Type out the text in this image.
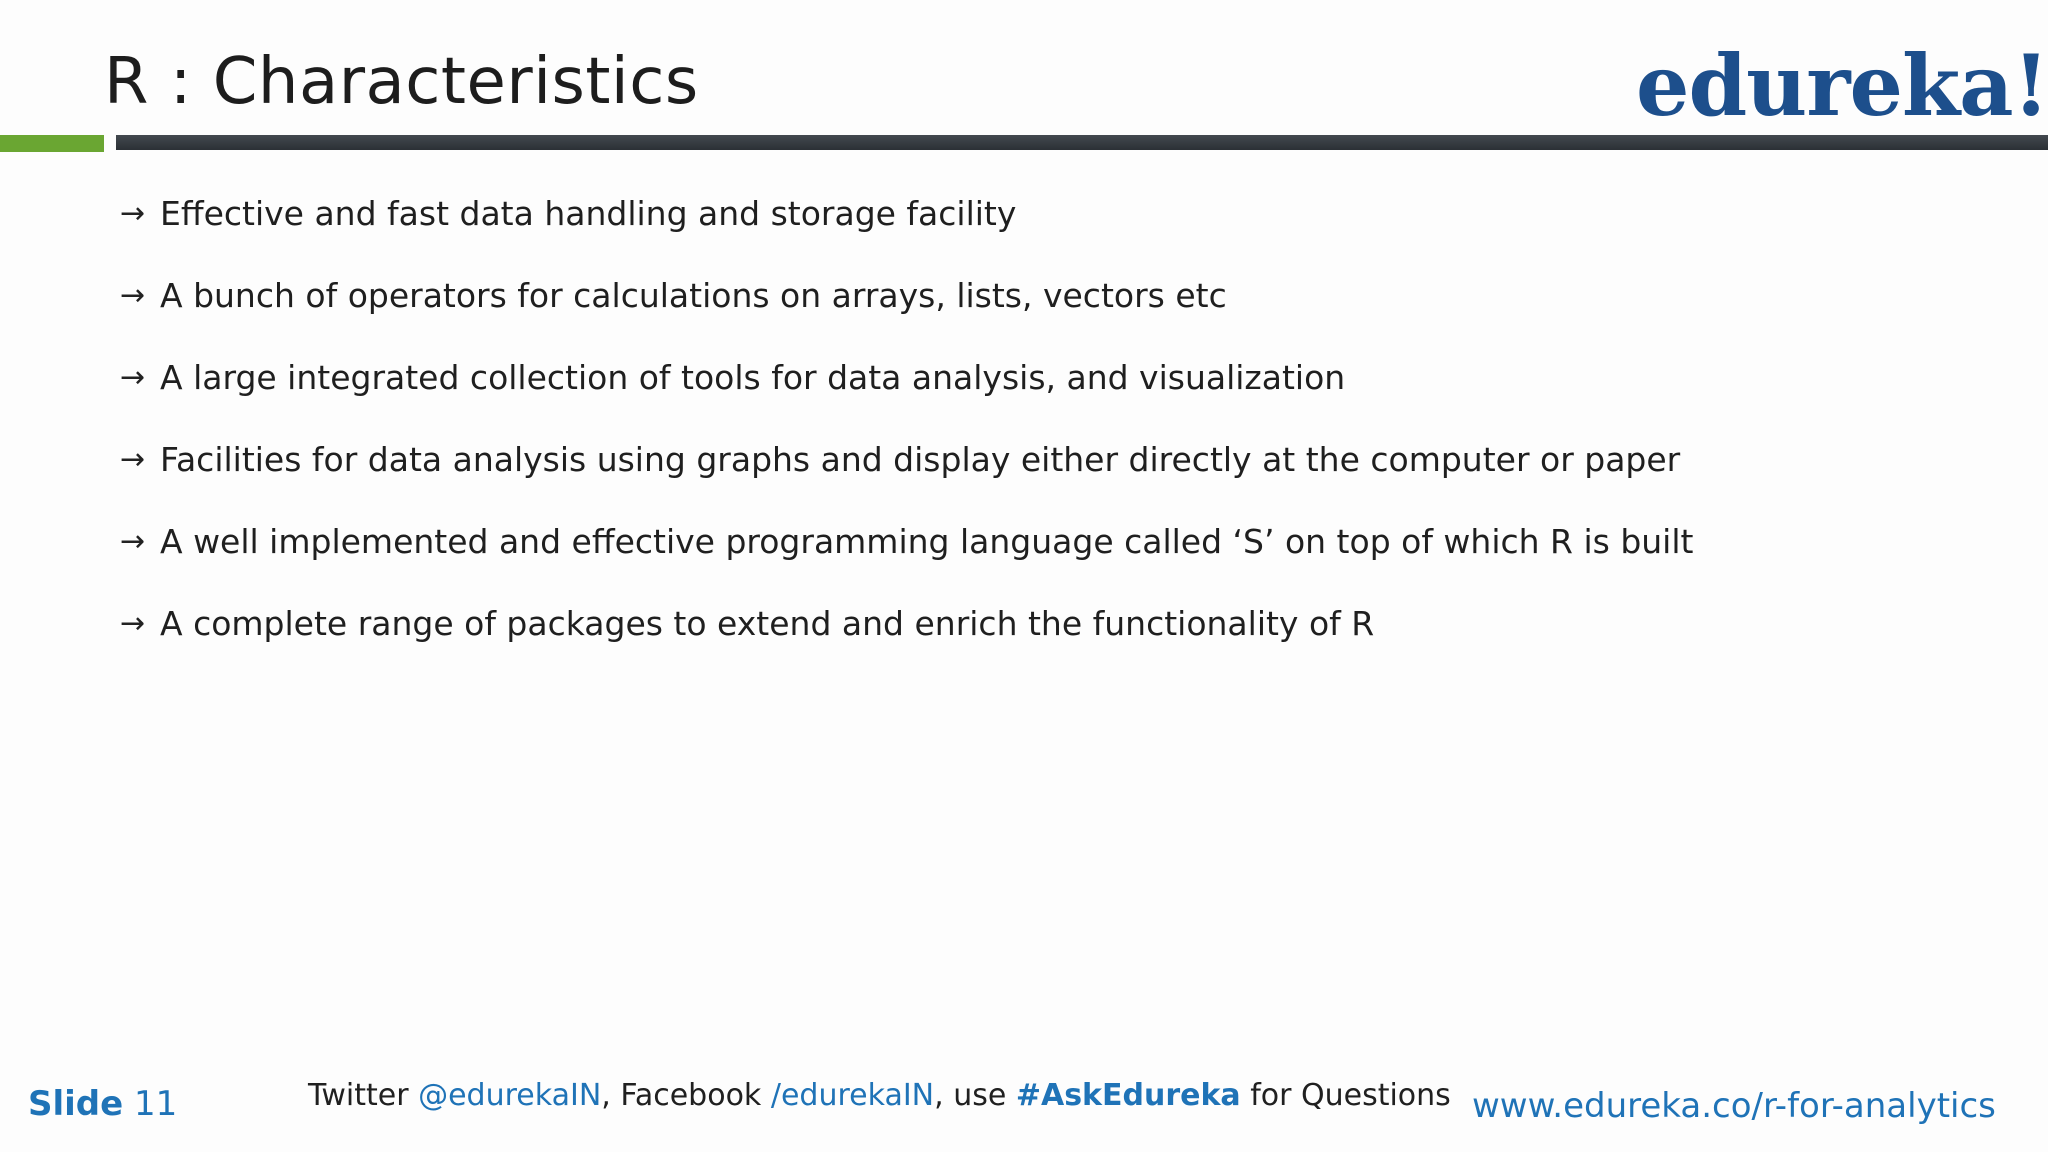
R : Characteristics	edureka!
→ Effective and fast data handling and storage facility
→ A bunch of operators for calculations on arrays, lists, vectors etc
→ A large integrated collection of tools for data analysis, and visualization
→ Facilities for data analysis using graphs and display either directly at the computer or paper
→ A well implemented and effective programming language called ‘S’ on top of which R is built
→ A complete range of packages to extend and enrich the functionality of R
Slide 11	Twitter @edurekaIN, Facebook /edurekaIN, use #AskEdureka for Questions www.edureka.co/r-for-analytics
